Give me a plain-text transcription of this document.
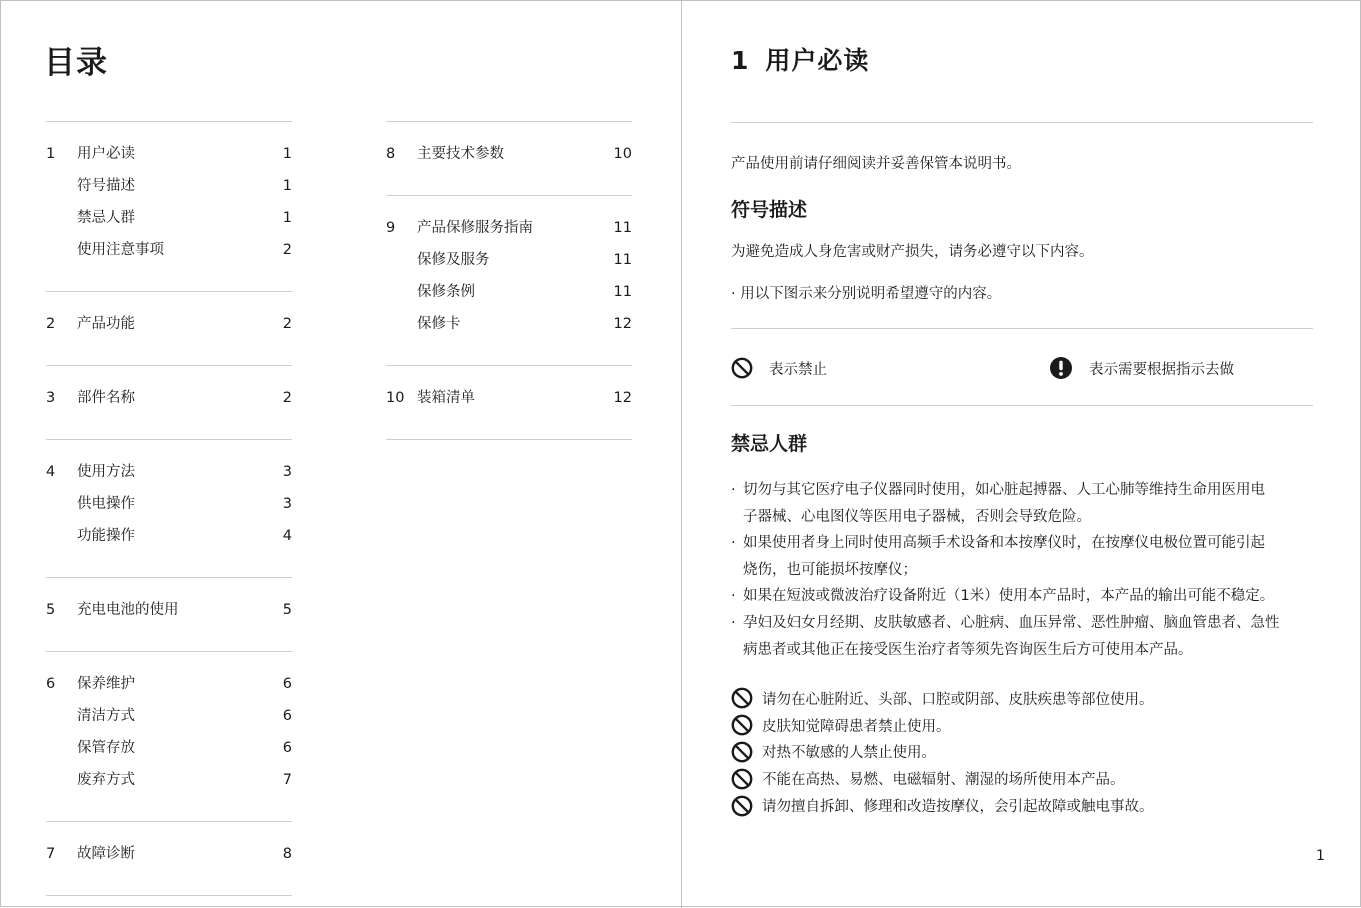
目录
1 用户必读	1
符号描述	1
禁忌人群	1
使用注意事项	2
2 产品功能	2
3 部件名称	2
4 使用方法	3
供电操作	3
功能操作	4
5 充电电池的使用	5
6 保养维护	6
清洁方式	6
保管存放	6
废弃方式	7
7 故障诊断	8
8 主要技术参数	10
9 产品保修服务指南	11
保修及服务	11
保修条例	11
保修卡	12
10 装箱清单	12
1 用户必读
产品使用前请仔细阅读并妥善保管本说明书。
符号描述
为避免造成人身危害或财产损失，请务必遵守以下内容。
· 用以下图示来分别说明希望遵守的内容。
表示禁止	表示需要根据指示去做
禁忌人群
· 切勿与其它医疗电子仪器同时使用，如心脏起搏器、人工心肺等维持生命用医用电
子器械、心电图仪等医用电子器械，否则会导致危险。
· 如果使用者身上同时使用高频手术设备和本按摩仪时，在按摩仪电极位置可能引起
烧伤，也可能损坏按摩仪；
· 如果在短波或微波治疗设备附近（1米）使用本产品时，本产品的输出可能不稳定。
· 孕妇及妇女月经期、皮肤敏感者、心脏病、血压异常、恶性肿瘤、脑血管患者、急性
病患者或其他正在接受医生治疗者等须先咨询医生后方可使用本产品。
请勿在心脏附近、头部、口腔或阴部、皮肤疾患等部位使用。
皮肤知觉障碍患者禁止使用。
对热不敏感的人禁止使用。
不能在高热、易燃、电磁辐射、潮湿的场所使用本产品。
请勿擅自拆卸、修理和改造按摩仪，会引起故障或触电事故。
1
